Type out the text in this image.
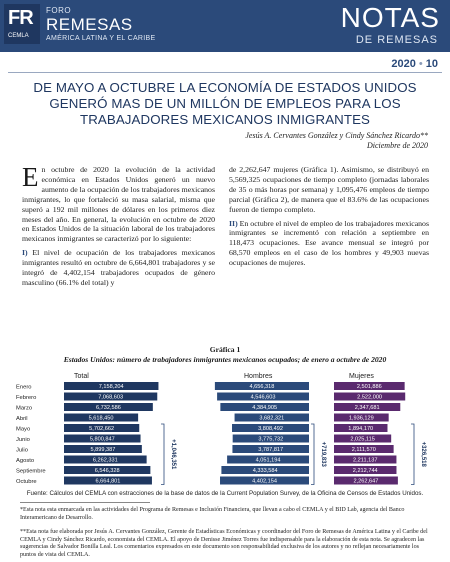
FR
CEMLA
FORO
REMESAS
AMÉRICA LATINA Y EL CARIBE
NOTAS
DE REMESAS
2020 • 10
DE MAYO A OCTUBRE LA ECONOMÍA DE ESTADOS UNIDOS GENERÓ MAS DE UN MILLÓN DE EMPLEOS PARA LOS TRABAJADORES MEXICANOS INMIGRANTES
Jesús A. Cervantes González y Cindy Sánchez Ricardo**
Diciembre de 2020

En octubre de 2020 la evolución de la actividad económica en Estados Unidos generó un nuevo aumento de la ocupación de los trabajadores mexicanos inmigrantes, lo que fortaleció su masa salarial, misma que superó a 192 mil millones de dólares en los primeros diez meses del año. En general, la evolución en octubre de 2020 en Estados Unidos de la situación laboral de los trabajadores mexicanos inmigrantes se caracterizó por lo siguiente:

I) El nivel de ocupación de los trabajadores mexicanos inmigrantes resultó en octubre de 6,664,801 trabajadores y se integró de 4,402,154 trabajadores ocupados de género masculino (66.1% del total) y

de 2,262,647 mujeres (Gráfica 1). Asimismo, se distribuyó en 5,569,325 ocupaciones de tiempo completo (jornadas laborales de 35 o más horas por semana) y 1,095,476 empleos de tiempo parcial (Gráfica 2), de manera que el 83.6% de las ocupaciones fueron de tiempo completo.

II) En octubre el nivel de empleo de los trabajadores mexicanos inmigrantes se incrementó con relación a septiembre en 118,473 ocupaciones. Ese avance mensual se integró por 68,570 empleos en el caso de los hombres y 49,903 nuevas ocupaciones de mujeres.

Gráfica 1
Estados Unidos: número de trabajadores inmigrantes mexicanos ocupados; de enero a octubre de 2020
Total	Hombres	Mujeres
Enero	7,158,204	4,656,318	2,501,886
Febrero	7,068,603	4,546,603	2,522,000
Marzo	6,732,586	4,384,905	2,347,681
Abril	5,618,450	3,682,321	1,936,129
Mayo	5,702,662	3,808,492	1,894,170
Junio	5,800,847	3,775,732	2,025,115
Julio	5,899,387	3,787,817	2,111,570
Agosto	6,262,331	4,051,194	2,211,137
Septiembre	6,546,328	4,333,584	2,212,744
Octubre	6,664,801	4,402,154	2,262,647
+1,046,351	+719,833	+326,518
Fuente: Cálculos del CEMLA con estracciones de la base de datos de la Current Population Survey, de la Oficina de Censos de Estados Unidos.
*Esta nota esta enmarcada en las actividades del Programa de Remesas e Inclusión Financiera, que llevan a cabo el CEMLA y el BID Lab, agencia del Banco Interamericano de Desarrollo.
**Esta nota fue elaborada por Jesús A. Cervantes González, Gerente de Estadísticas Económicas y coordinador del Foro de Remesas de América Latina y el Caribe del CEMLA y Cindy Sánchez Ricardo, economista del CEMLA. El apoyo de Denisse Jiménez Torres fue indispensable para la elaboración de esta nota. Se agradecen las sugerencias de Salvador Bonilla Leal. Los comentarios expresados en este documento son responsabilidad exclusiva de los autores y no reflejan necesariamente los puntos de vista del CEMLA.
